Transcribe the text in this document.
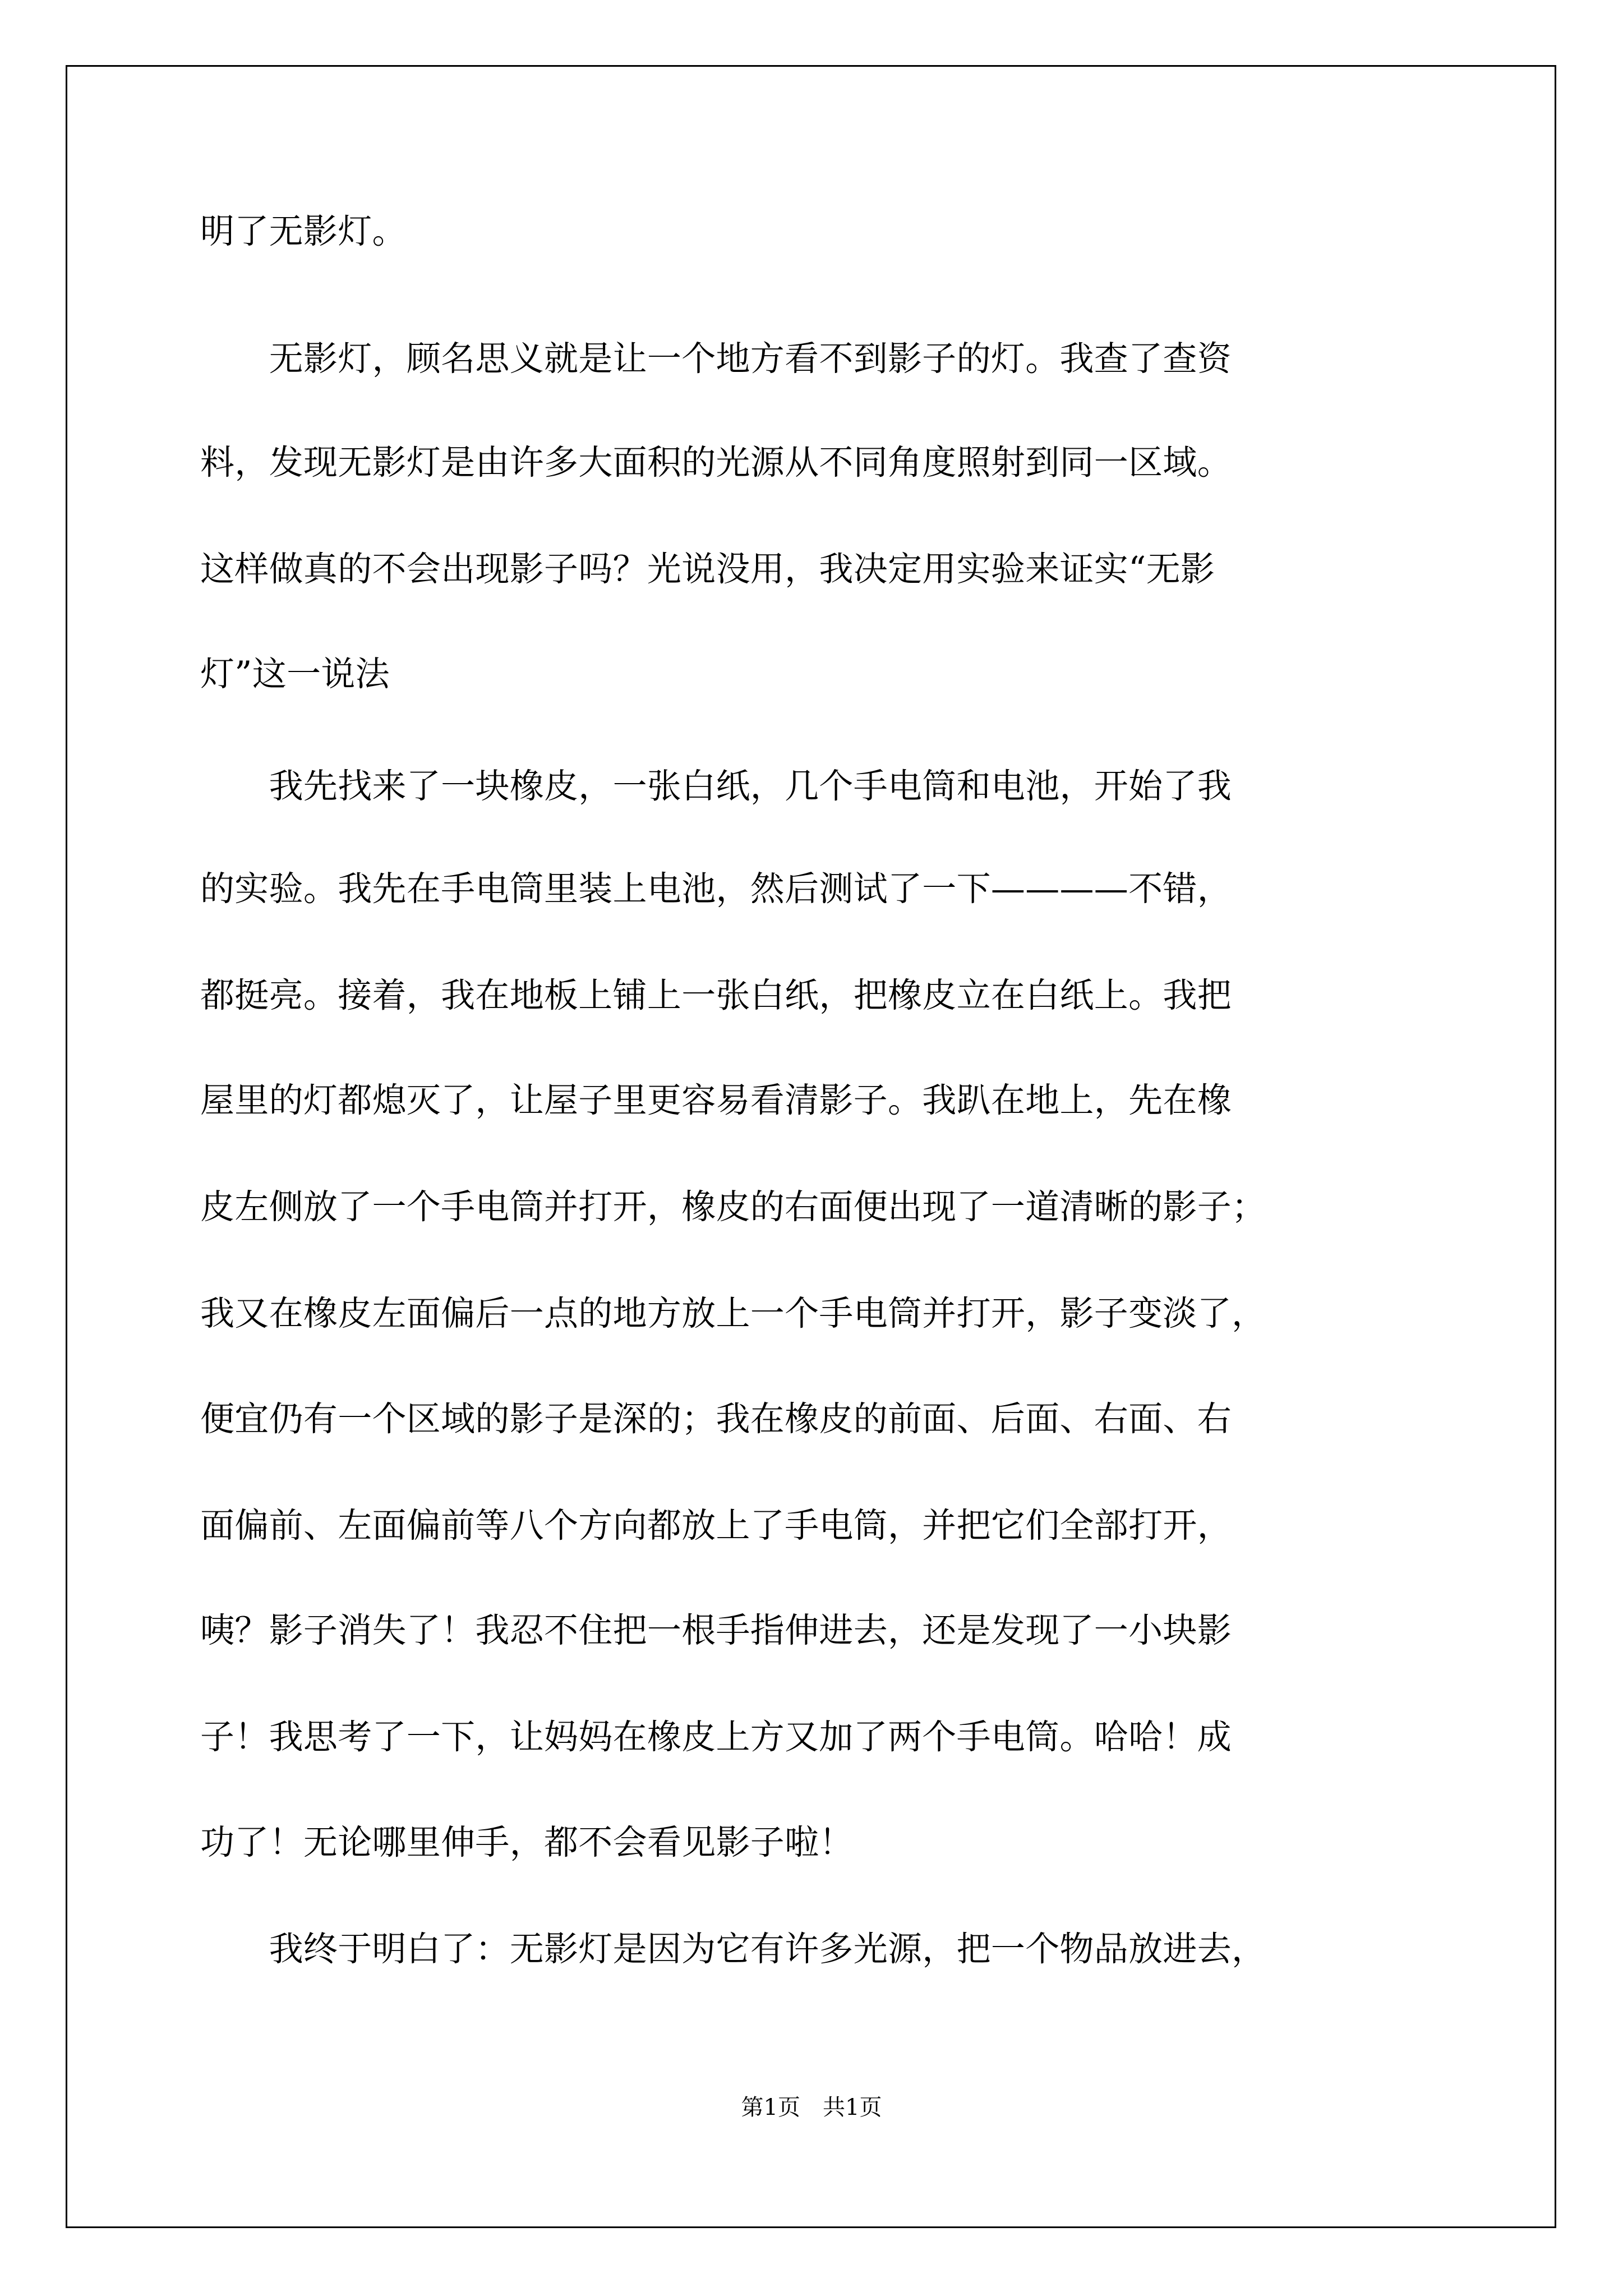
明了无影灯。

　　无影灯，顾名思义就是让一个地方看不到影子的灯。我查了查资

料，发现无影灯是由许多大面积的光源从不同角度照射到同一区域。

这样做真的不会出现影子吗？光说没用，我决定用实验来证实“无影

灯”这一说法

　　我先找来了一块橡皮，一张白纸，几个手电筒和电池，开始了我

的实验。我先在手电筒里装上电池，然后测试了一下————不错，

都挺亮。接着，我在地板上铺上一张白纸，把橡皮立在白纸上。我把

屋里的灯都熄灭了，让屋子里更容易看清影子。我趴在地上，先在橡

皮左侧放了一个手电筒并打开，橡皮的右面便出现了一道清晰的影子；

我又在橡皮左面偏后一点的地方放上一个手电筒并打开，影子变淡了，

便宜仍有一个区域的影子是深的；我在橡皮的前面、后面、右面、右

面偏前、左面偏前等八个方向都放上了手电筒，并把它们全部打开，

咦？影子消失了！我忍不住把一根手指伸进去，还是发现了一小块影

子！我思考了一下，让妈妈在橡皮上方又加了两个手电筒。哈哈！成

功了！无论哪里伸手，都不会看见影子啦！

　　我终于明白了：无影灯是因为它有许多光源，把一个物品放进去，

第1页　共1页
